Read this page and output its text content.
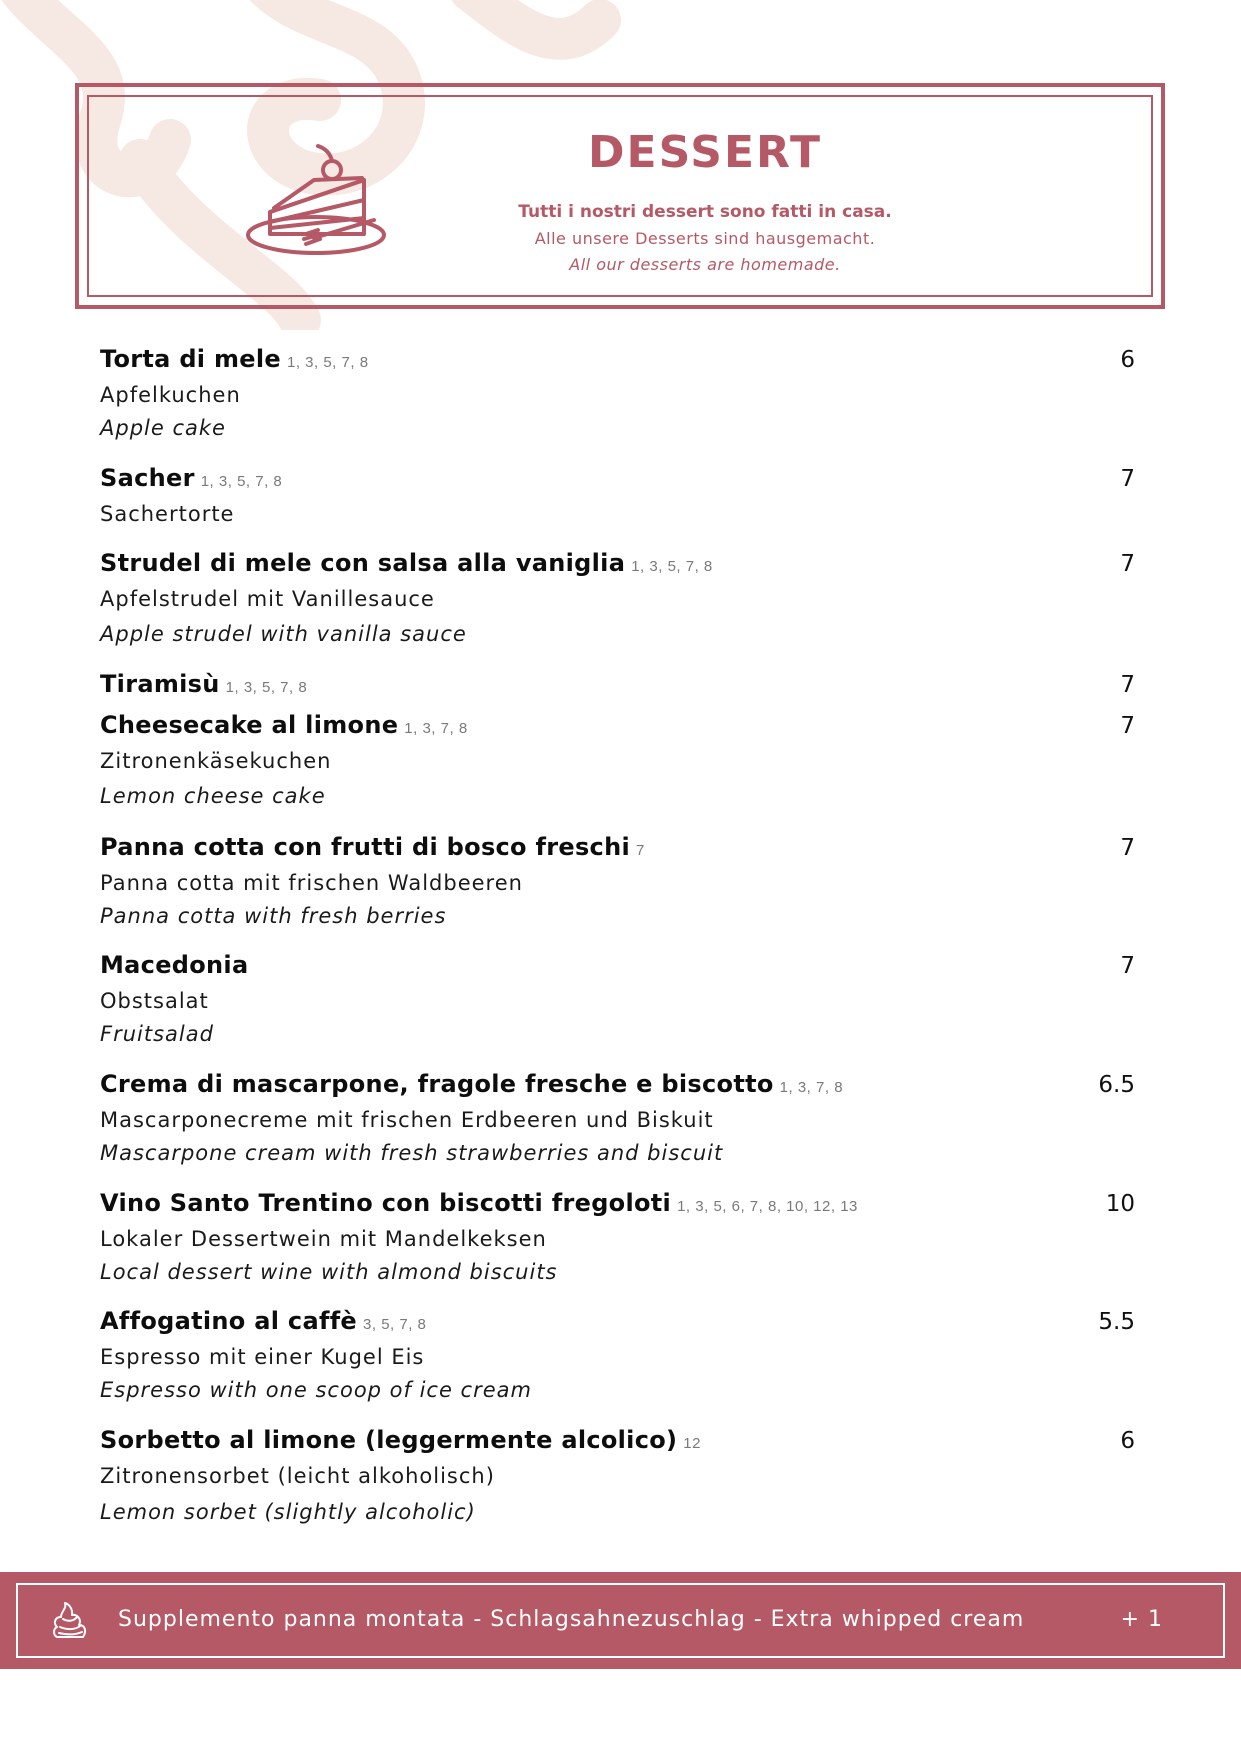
DESSERT
Tutti i nostri dessert sono fatti in casa.
Alle unsere Desserts sind hausgemacht.
All our desserts are homemade.
Torta di mele 1, 3, 5, 7, 8	6
Apfelkuchen
Apple cake
Sacher 1, 3, 5, 7, 8	7
Sachertorte
Strudel di mele con salsa alla vaniglia 1, 3, 5, 7, 8	7
Apfelstrudel mit Vanillesauce
Apple strudel with vanilla sauce
Tiramisù 1, 3, 5, 7, 8	7
Cheesecake al limone 1, 3, 7, 8	7
Zitronenkäsekuchen
Lemon cheese cake
Panna cotta con frutti di bosco freschi 7	7
Panna cotta mit frischen Waldbeeren
Panna cotta with fresh berries
Macedonia	7
Obstsalat
Fruitsalad
Crema di mascarpone, fragole fresche e biscotto 1, 3, 7, 8	6.5
Mascarponecreme mit frischen Erdbeeren und Biskuit
Mascarpone cream with fresh strawberries and biscuit
Vino Santo Trentino con biscotti fregoloti 1, 3, 5, 6, 7, 8, 10, 12, 13	10
Lokaler Dessertwein mit Mandelkeksen
Local dessert wine with almond biscuits
Affogatino al caffè 3, 5, 7, 8	5.5
Espresso mit einer Kugel Eis
Espresso with one scoop of ice cream
Sorbetto al limone (leggermente alcolico) 12	6
Zitronensorbet (leicht alkoholisch)
Lemon sorbet (slightly alcoholic)
Supplemento panna montata - Schlagsahnezuschlag - Extra whipped cream	+ 1
